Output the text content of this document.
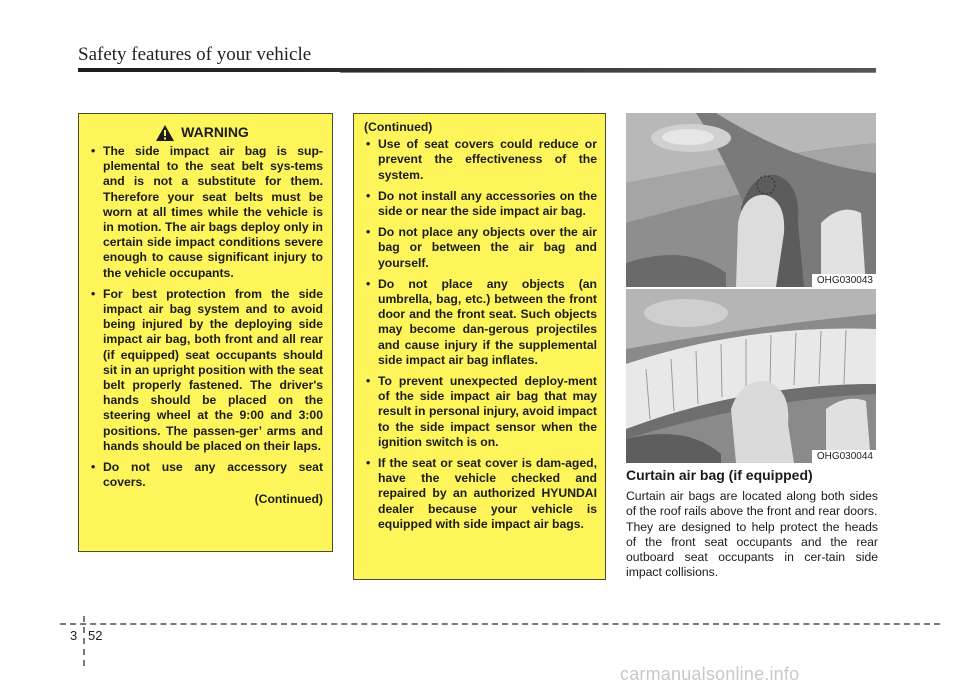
Safety features of your vehicle
WARNING
• The side impact air bag is sup-plemental to the seat belt sys-tems and is not a substitute for them. Therefore your seat belts must be worn at all times while the vehicle is in motion. The air bags deploy only in certain side impact conditions severe enough to cause significant injury to the vehicle occupants.
• For best protection from the side impact air bag system and to avoid being injured by the deploying side impact air bag, both front and all rear (if equipped) seat occupants should sit in an upright position with the seat belt properly fastened. The driver's hands should be placed on the steering wheel at the 9:00 and 3:00 positions. The passen-ger’ arms and hands should be placed on their laps.
• Do not use any accessory seat covers.
(Continued)
(Continued)
• Use of seat covers could reduce or prevent the effectiveness of the system.
• Do not install any accessories on the side or near the side impact air bag.
• Do not place any objects over the air bag or between the air bag and yourself.
• Do not place any objects (an umbrella, bag, etc.) between the front door and the front seat. Such objects may become dan-gerous projectiles and cause injury if the supplemental side impact air bag inflates.
• To prevent unexpected deploy-ment of the side impact air bag that may result in personal injury, avoid impact to the side impact sensor when the ignition switch is on.
• If the seat or seat cover is dam-aged, have the vehicle checked and repaired by an authorized HYUNDAI dealer because your vehicle is equipped with side impact air bags.
OHG030043
OHG030044
Curtain air bag (if equipped)

Curtain air bags are located along both sides of the roof rails above the front and rear doors.

They are designed to help protect the heads of the front seat occupants and the rear outboard seat occupants in cer-tain side impact collisions.

3 52
carmanualsonline.info
